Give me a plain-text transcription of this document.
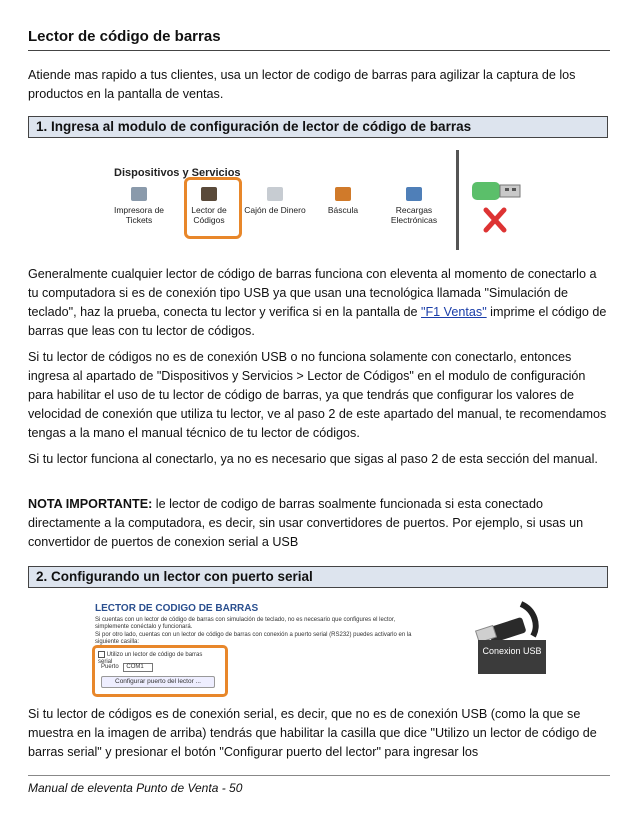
Lector de código de barras

Atiende mas rapido a tus clientes, usa un lector de codigo de barras para agilizar la captura de los productos en la pantalla de ventas.

1. Ingresa al modulo de configuración de lector de código de barras
Dispositivos y Servicios
Impresora de
Tickets
Lector de
Códigos
Cajón de Dinero	Báscula	Recargas
Electrónicas

Generalmente cualquier lector de código de barras funciona con eleventa al momento de conectarlo a tu computadora si es de conexión tipo USB ya que usan una tecnológica llamada "Simulación de teclado", haz la prueba, conecta tu lector y verifica si en la pantalla de "F1 Ventas" imprime el código de barras que leas con tu lector de códigos.

Si tu lector de códigos no es de conexión USB o no funciona solamente con conectarlo, entonces ingresa al apartado de "Dispositivos y Servicios > Lector de Códigos" en el modulo de configuración para habilitar el uso de tu lector de código de barras, ya que tendrás que configurar los valores de velocidad de conexión que utiliza tu lector, ve al paso 2 de este apartado del manual, te recomendamos tengas a la mano el manual técnico de tu lector de códigos.

Si tu lector funciona al conectarlo, ya no es necesario que sigas al paso 2 de esta sección del manual.

NOTA IMPORTANTE: le lector de codigo de barras soalmente funcionada si esta conectado directamente a la computadora, es decir, sin usar convertidores de puertos. Por ejemplo, si usas un convertidor de puertos de conexion serial a USB

2. Configurando un lector con puerto serial
LECTOR DE CODIGO DE BARRAS
Si cuentas con un lector de código de barras con simulación de teclado, no es necesario que configures el lector, simplemente conéctalo y funcionará.
Si por otro lado, cuentas con un lector de código de barras con conexión a puerto serial (RS232) puedes activarlo en la siguiente casilla:
Utilizo un lector de código de barras serial
Puerto COM1
Configurar puerto del lector ...
Conexion USB

Si tu lector de códigos es de conexión serial, es decir, que no es de conexión USB (como la que se muestra en la imagen de arriba) tendrás que habilitar la casilla que dice "Utilizo un lector de código de barras serial" y presionar el botón "Configurar puerto del lector" para ingresar los

Manual de eleventa Punto de Venta - 50
